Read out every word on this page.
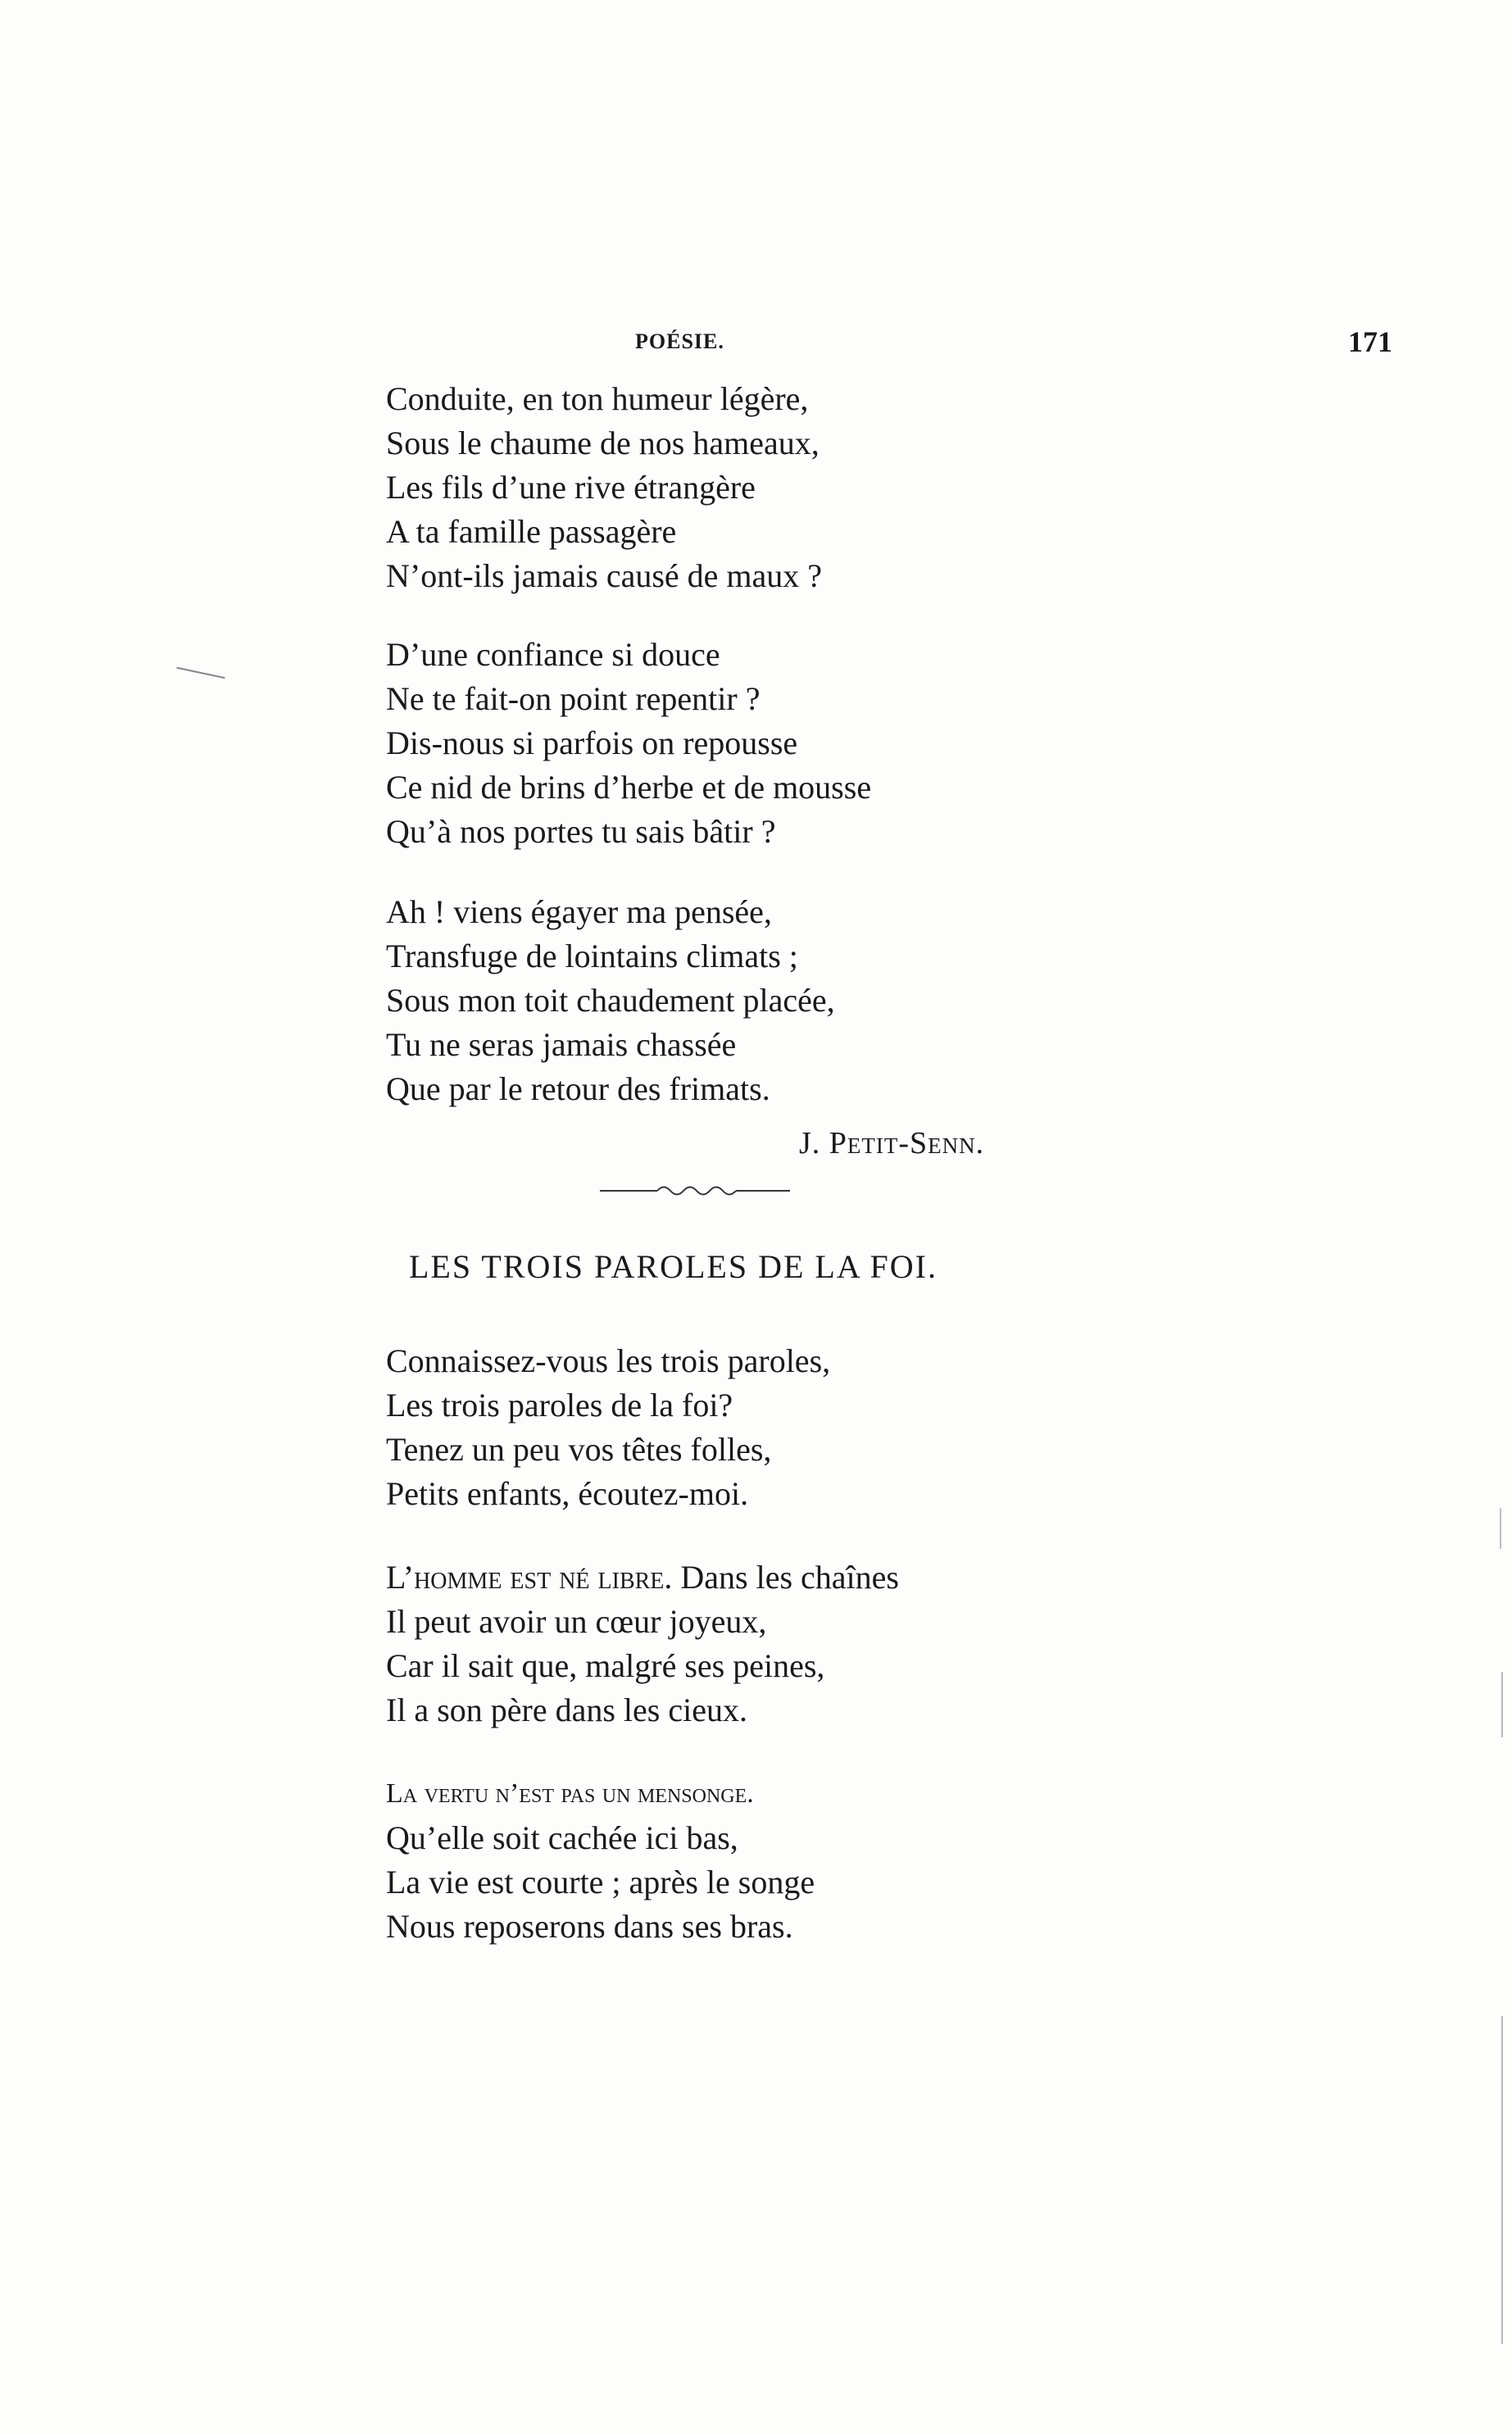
POÉSIE.	171
Conduite, en ton humeur légère,
Sous le chaume de nos hameaux,
Les fils d’une rive étrangère
A ta famille passagère
N’ont-ils jamais causé de maux ?
D’une confiance si douce
Ne te fait-on point repentir ?
Dis-nous si parfois on repousse
Ce nid de brins d’herbe et de mousse
Qu’à nos portes tu sais bâtir ?
Ah ! viens égayer ma pensée,
Transfuge de lointains climats ;
Sous mon toit chaudement placée,
Tu ne seras jamais chassée
Que par le retour des frimats.
J. Petit-Senn.
LES TROIS PAROLES DE LA FOI.
Connaissez-vous les trois paroles,
Les trois paroles de la foi?
Tenez un peu vos têtes folles,
Petits enfants, écoutez-moi.
L’homme est né libre. Dans les chaînes
Il peut avoir un cœur joyeux,
Car il sait que, malgré ses peines,
Il a son père dans les cieux.
La vertu n’est pas un mensonge.
Qu’elle soit cachée ici bas,
La vie est courte ; après le songe
Nous reposerons dans ses bras.
